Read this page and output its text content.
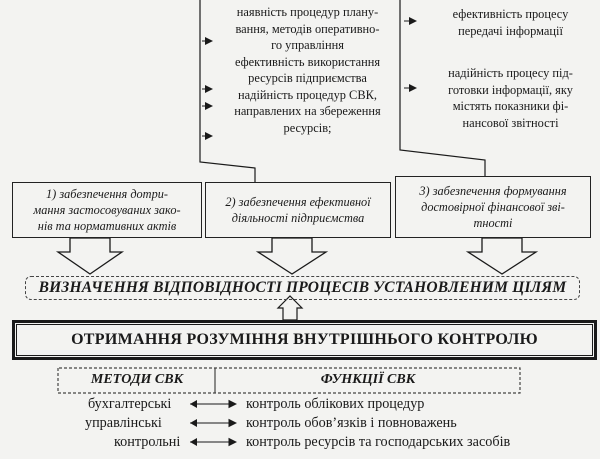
наявність процедур плану-
вання, методів оперативно-
го управління
ефективність використання
ресурсів підприємства
надійність процедур СВК,
направлених на збереження
ресурсів;
ефективність процесу
передачі інформації
надійність процесу під-
готовки інформації, яку
містять показники фі-
нансової звітності
1) забезпечення дотри-
мання застосовуваних зако-
нів та нормативних актів
2) забезпечення ефективної
діяльності підприємства
3) забезпечення формування
достовірної фінансової зві-
тності
ВИЗНАЧЕННЯ ВІДПОВІДНОСТІ ПРОЦЕСІВ УСТАНОВЛЕНИМ ЦІЛЯМ
ОТРИМАННЯ РОЗУМІННЯ ВНУТРІШНЬОГО КОНТРОЛЮ
МЕТОДИ СВК	ФУНКЦІЇ СВК
бухгалтерські	контроль облікових процедур
управлінські	контроль обов’язків і повноважень
контрольні	контроль ресурсів та господарських засобів
